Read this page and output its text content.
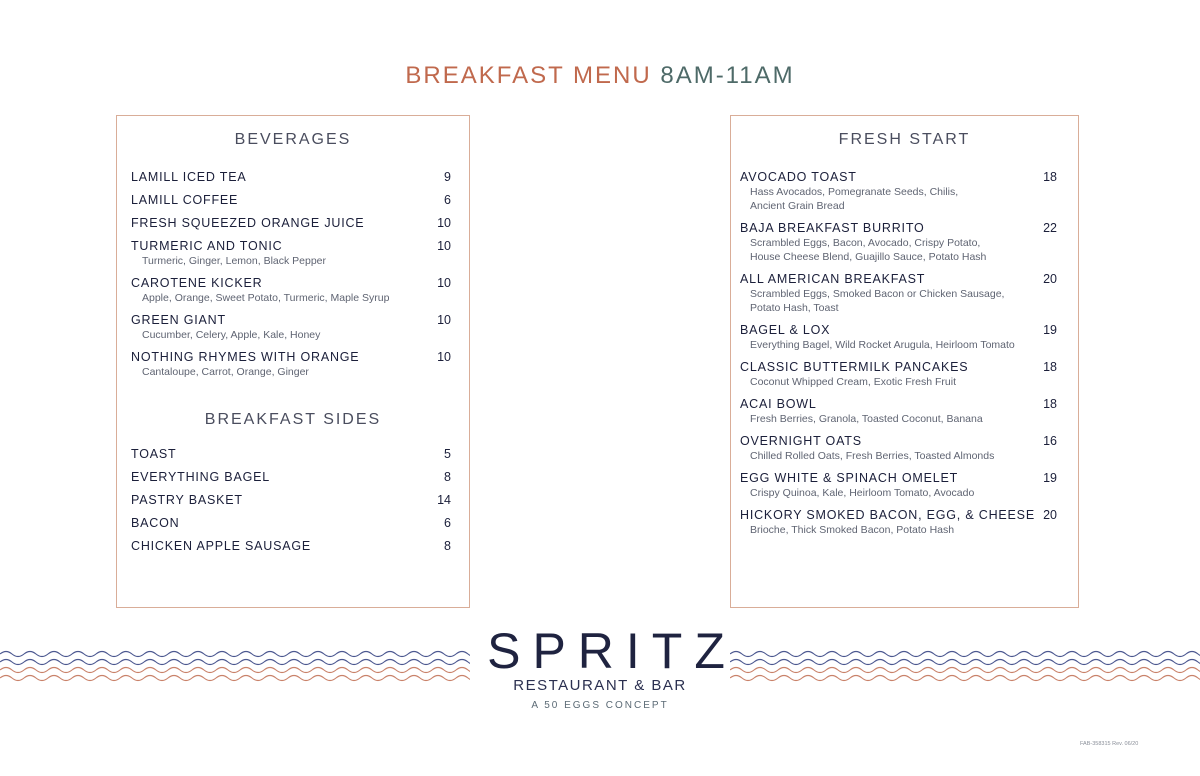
BREAKFAST MENU 8AM-11AM
BEVERAGES
LAMILL ICED TEA	9
LAMILL COFFEE	6
FRESH SQUEEZED ORANGE JUICE	10
TURMERIC AND TONIC	10
Turmeric, Ginger, Lemon, Black Pepper
CAROTENE KICKER	10
Apple, Orange, Sweet Potato, Turmeric, Maple Syrup
GREEN GIANT	10
Cucumber, Celery, Apple, Kale, Honey
NOTHING RHYMES WITH ORANGE	10
Cantaloupe, Carrot, Orange, Ginger
BREAKFAST SIDES
TOAST	5
EVERYTHING BAGEL	8
PASTRY BASKET	14
BACON	6
CHICKEN APPLE SAUSAGE	8
FRESH START
AVOCADO TOAST	18
Hass Avocados, Pomegranate Seeds, Chilis,
Ancient Grain Bread
BAJA BREAKFAST BURRITO	22
Scrambled Eggs, Bacon, Avocado, Crispy Potato,
House Cheese Blend, Guajillo Sauce, Potato Hash
ALL AMERICAN BREAKFAST	20
Scrambled Eggs, Smoked Bacon or Chicken Sausage,
Potato Hash, Toast
BAGEL & LOX	19
Everything Bagel, Wild Rocket Arugula, Heirloom Tomato
CLASSIC BUTTERMILK PANCAKES	18
Coconut Whipped Cream, Exotic Fresh Fruit
ACAI BOWL	18
Fresh Berries, Granola, Toasted Coconut, Banana
OVERNIGHT OATS	16
Chilled Rolled Oats, Fresh Berries, Toasted Almonds
EGG WHITE & SPINACH OMELET	19
Crispy Quinoa, Kale, Heirloom Tomato, Avocado
HICKORY SMOKED BACON, EGG, & CHEESE 20
Brioche, Thick Smoked Bacon, Potato Hash
SPRITZ
RESTAURANT & BAR
A 50 EGGS CONCEPT
FAB-358315 Rev. 06/20
